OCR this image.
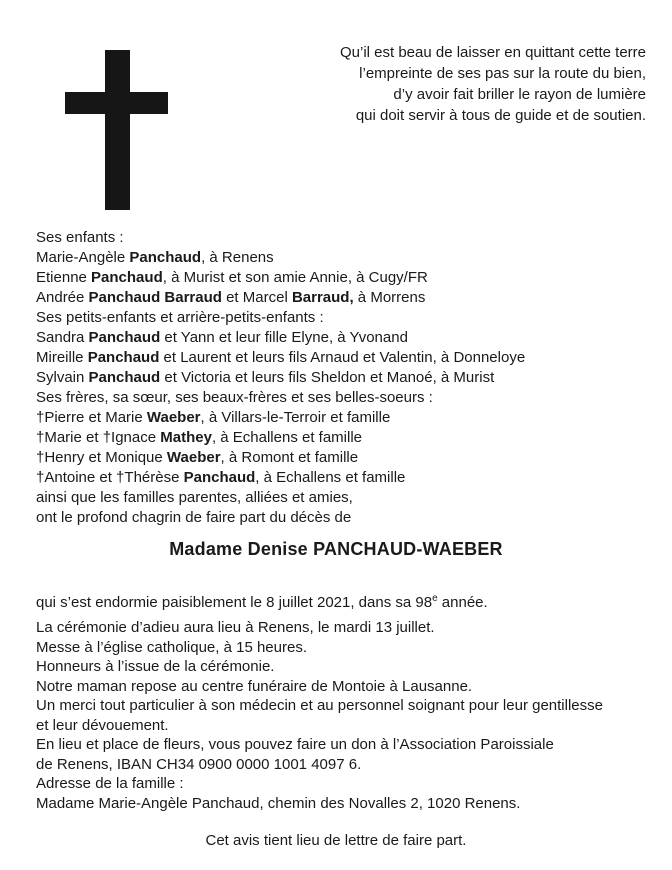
Qu’il est beau de laisser en quittant cette terre
l’empreinte de ses pas sur la route du bien,
d’y avoir fait briller le rayon de lumière
qui doit servir à tous de guide et de soutien.
Ses enfants :
Marie-Angèle Panchaud, à Renens
Etienne Panchaud, à Murist et son amie Annie, à Cugy/FR
Andrée Panchaud Barraud et Marcel Barraud, à Morrens
Ses petits-enfants et arrière-petits-enfants :
Sandra Panchaud et Yann et leur fille Elyne, à Yvonand
Mireille Panchaud et Laurent et leurs fils Arnaud et Valentin, à Donneloye
Sylvain Panchaud et Victoria et leurs fils Sheldon et Manoé, à Murist
Ses frères, sa sœur, ses beaux-frères et ses belles-soeurs :
†Pierre et Marie Waeber, à Villars-le-Terroir et famille
†Marie et †Ignace Mathey, à Echallens et famille
†Henry et Monique Waeber, à Romont et famille
†Antoine et †Thérèse Panchaud, à Echallens et famille
ainsi que les familles parentes, alliées et amies,
ont le profond chagrin de faire part du décès de
Madame Denise PANCHAUD-WAEBER
qui s’est endormie paisiblement le 8 juillet 2021, dans sa 98e année.
La cérémonie d’adieu aura lieu à Renens, le mardi 13 juillet.
Messe à l’église catholique, à 15 heures.
Honneurs à l’issue de la cérémonie.
Notre maman repose au centre funéraire de Montoie à Lausanne.
Un merci tout particulier à son médecin et au personnel soignant pour leur gentillesse
et leur dévouement.
En lieu et place de fleurs, vous pouvez faire un don à l’Association Paroissiale
de Renens, IBAN CH34 0900 0000 1001 4097 6.
Adresse de la famille :
Madame Marie-Angèle Panchaud, chemin des Novalles 2, 1020 Renens.
Cet avis tient lieu de lettre de faire part.
